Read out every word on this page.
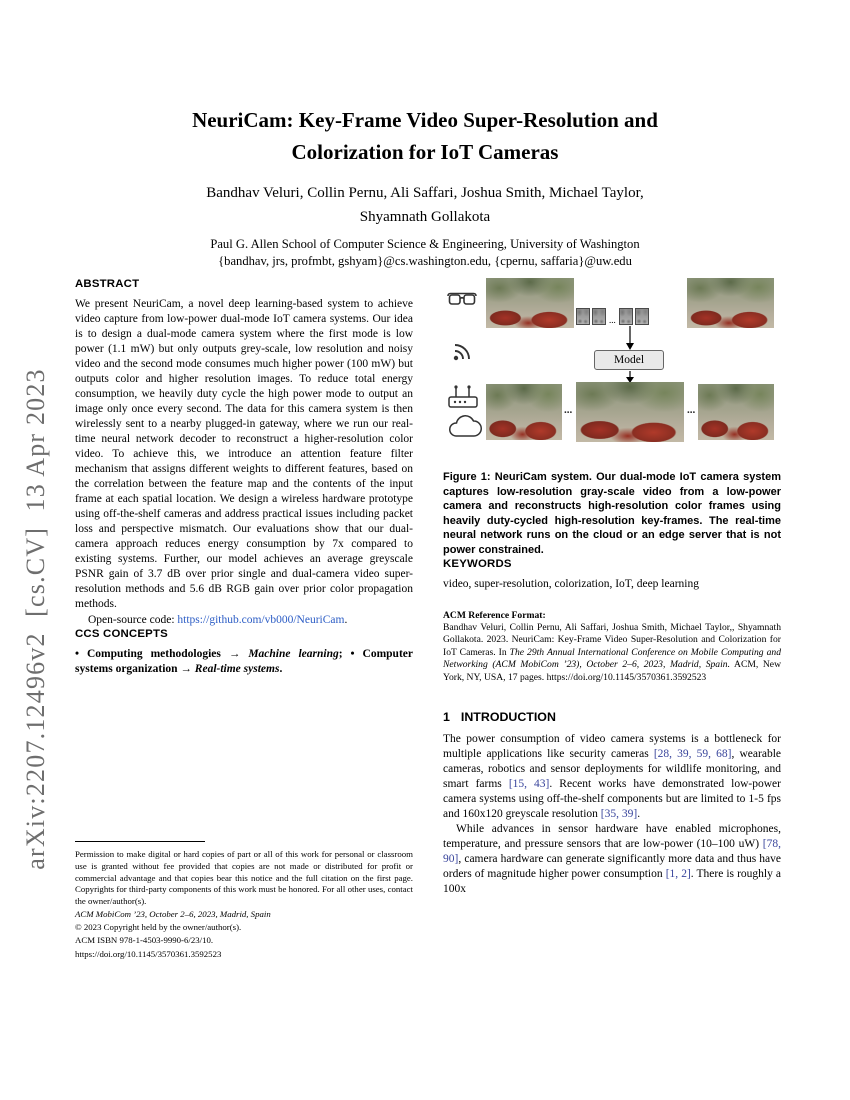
arXiv:2207.12496v2  [cs.CV]  13 Apr 2023
NeuriCam: Key-Frame Video Super-Resolution and
Colorization for IoT Cameras
Bandhav Veluri, Collin Pernu, Ali Saffari, Joshua Smith, Michael Taylor,
Shyamnath Gollakota
Paul G. Allen School of Computer Science & Engineering, University of Washington
{bandhav, jrs, profmbt, gshyam}@cs.washington.edu, {cpernu, saffaria}@uw.edu
ABSTRACT

We present NeuriCam, a novel deep learning-based system to achieve video capture from low-power dual-mode IoT camera systems. Our idea is to design a dual-mode camera system where the first mode is low power (1.1 mW) but only outputs grey-scale, low resolution and noisy video and the second mode consumes much higher power (100 mW) but outputs color and higher resolution images. To reduce total energy consumption, we heavily duty cycle the high power mode to output an image only once every second. The data for this camera system is then wirelessly sent to a nearby plugged-in gateway, where we run our real-time neural network decoder to reconstruct a higher-resolution color video. To achieve this, we introduce an attention feature filter mechanism that assigns different weights to different features, based on the correlation between the feature map and the contents of the input frame at each spatial location. We design a wireless hardware prototype using off-the-shelf cameras and address practical issues including packet loss and perspective mismatch. Our evaluations show that our dual-camera approach reduces energy consumption by 7x compared to existing systems. Further, our model achieves an average greyscale PSNR gain of 3.7 dB over prior single and dual-camera video super-resolution methods and 5.6 dB RGB gain over prior color propagation methods.

Open-source code: https://github.com/vb000/NeuriCam.

CCS CONCEPTS

• Computing methodologies → Machine learning; • Computer systems organization → Real-time systems.

Permission to make digital or hard copies of part or all of this work for personal or classroom use is granted without fee provided that copies are not made or distributed for profit or commercial advantage and that copies bear this notice and the full citation on the first page. Copyrights for third-party components of this work must be honored. For all other uses, contact the owner/author(s).

ACM MobiCom ’23, October 2–6, 2023, Madrid, Spain

© 2023 Copyright held by the owner/author(s).

ACM ISBN 978-1-4503-9990-6/23/10.

https://doi.org/10.1145/3570361.3592523

...
Model
...	...

Figure 1: NeuriCam system. Our dual-mode IoT camera system captures low-resolution gray-scale video from a low-power camera and reconstructs high-resolution color frames using heavily duty-cycled high-resolution key-frames. The real-time neural network runs on the cloud or an edge server that is not power constrained.

KEYWORDS

video, super-resolution, colorization, IoT, deep learning

ACM Reference Format:

Bandhav Veluri, Collin Pernu, Ali Saffari, Joshua Smith, Michael Taylor,, Shyamnath Gollakota. 2023. NeuriCam: Key-Frame Video Super-Resolution and Colorization for IoT Cameras. In The 29th Annual International Conference on Mobile Computing and Networking (ACM MobiCom ’23), October 2–6, 2023, Madrid, Spain. ACM, New York, NY, USA, 17 pages. https://doi.org/10.1145/3570361.3592523

1 INTRODUCTION

The power consumption of video camera systems is a bottleneck for multiple applications like security cameras [28, 39, 59, 68], wearable cameras, robotics and sensor deployments for wildlife monitoring, and smart farms [15, 43]. Recent works have demonstrated low-power camera systems using off-the-shelf components but are limited to 1-5 fps and 160x120 greyscale resolution [35, 39].

While advances in sensor hardware have enabled microphones, temperature, and pressure sensors that are low-power (10–100 uW) [78, 90], camera hardware can generate significantly more data and thus have orders of magnitude higher power consumption [1, 2]. There is roughly a 100x
